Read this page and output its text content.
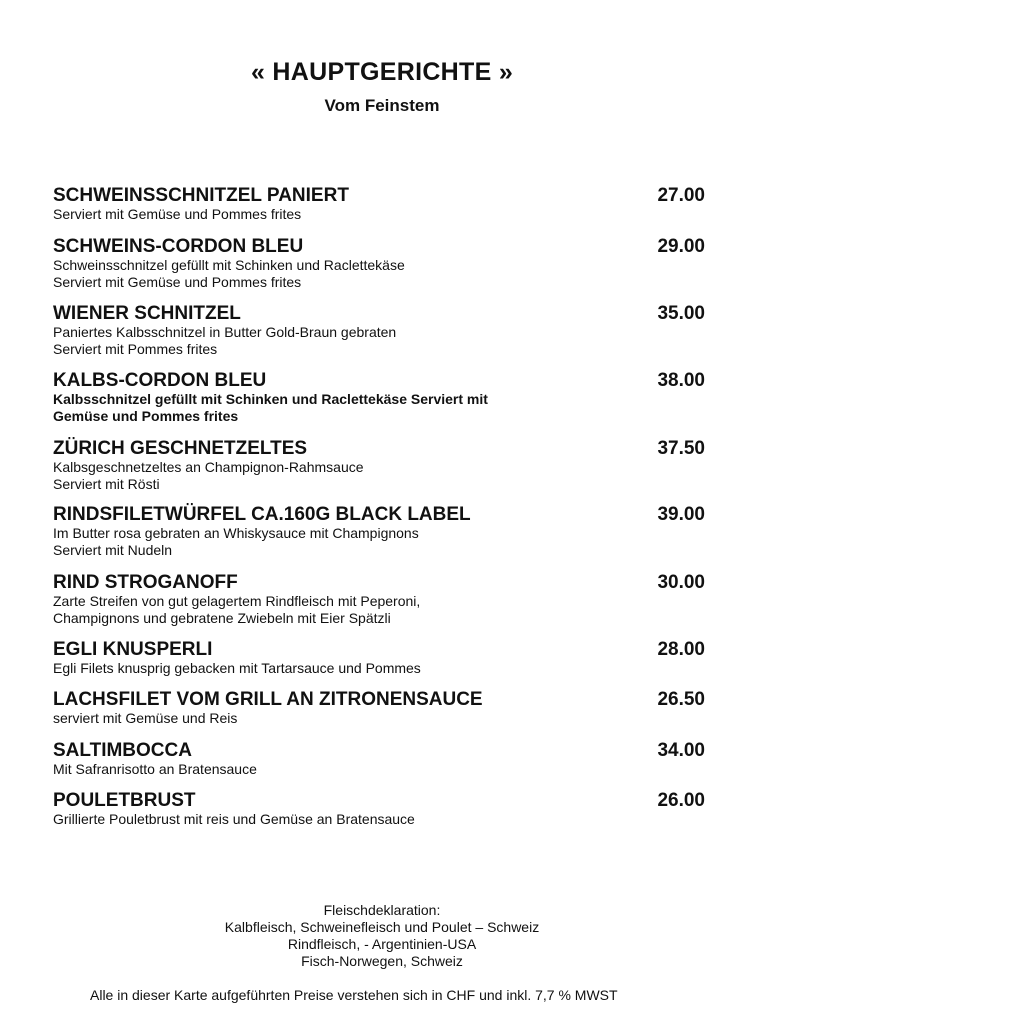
« HAUPTGERICHTE »
Vom Feinstem
SCHWEINSSCHNITZEL PANIERT	27.00
Serviert mit Gemüse und Pommes frites
SCHWEINS-CORDON BLEU	29.00
Schweinsschnitzel gefüllt mit Schinken und Raclettekäse
Serviert mit Gemüse und Pommes frites
WIENER SCHNITZEL	35.00
Paniertes Kalbsschnitzel in Butter Gold-Braun gebraten
Serviert mit Pommes frites
KALBS-CORDON BLEU	38.00
Kalbsschnitzel gefüllt mit Schinken und Raclettekäse Serviert mit
Gemüse und Pommes frites
ZÜRICH GESCHNETZELTES	37.50
Kalbsgeschnetzeltes an Champignon-Rahmsauce
Serviert mit Rösti
RINDSFILETWÜRFEL CA.160G BLACK LABEL	39.00
Im Butter rosa gebraten an Whiskysauce mit Champignons
Serviert mit Nudeln
RIND STROGANOFF	30.00
Zarte Streifen von gut gelagertem Rindfleisch mit Peperoni,
Champignons und gebratene Zwiebeln mit Eier Spätzli
EGLI KNUSPERLI	28.00
Egli Filets knusprig gebacken mit Tartarsauce und Pommes
LACHSFILET VOM GRILL AN ZITRONENSAUCE	26.50
serviert mit Gemüse und Reis
SALTIMBOCCA	34.00
Mit Safranrisotto an Bratensauce
POULETBRUST	26.00
Grillierte Pouletbrust mit reis und Gemüse an Bratensauce
Fleischdeklaration:
Kalbfleisch, Schweinefleisch und Poulet – Schweiz
Rindfleisch, - Argentinien-USA
Fisch-Norwegen, Schweiz
Alle in dieser Karte aufgeführten Preise verstehen sich in CHF und inkl. 7,7 % MWST
